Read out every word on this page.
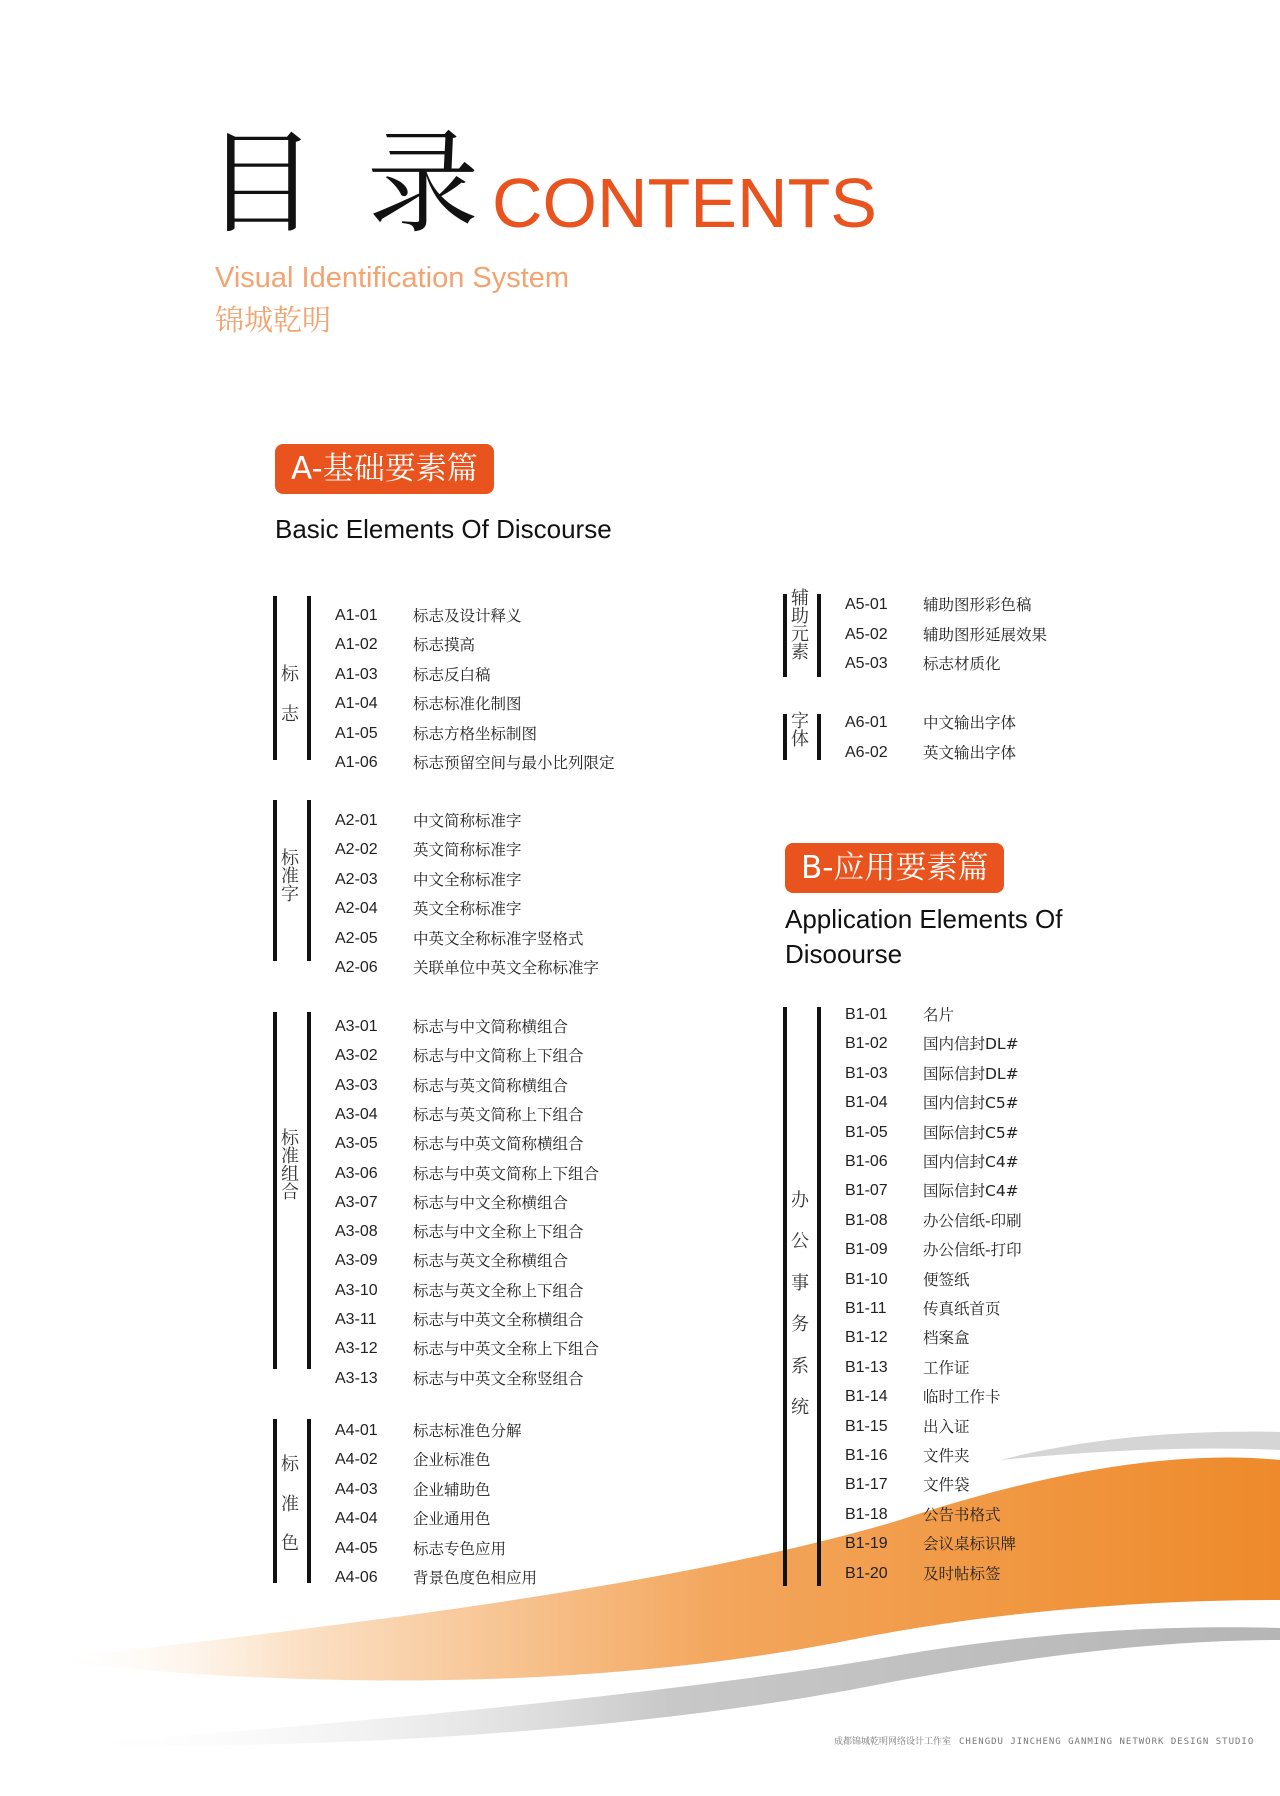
目录
CONTENTS
Visual Identification System
锦城乾明
A-基础要素篇
Basic Elements Of Discourse
B-应用要素篇
Application Elements Of
Disoourse
标志
A1-01 标志及设计释义
A1-02 标志摸高
A1-03 标志反白稿
A1-04 标志标准化制图
A1-05 标志方格坐标制图
A1-06 标志预留空间与最小比列限定
标准字
A2-01 中文简称标准字
A2-02 英文简称标准字
A2-03 中文全称标准字
A2-04 英文全称标准字
A2-05 中英文全称标准字竖格式
A2-06 关联单位中英文全称标准字
标准组合
A3-01 标志与中文简称横组合
A3-02 标志与中文简称上下组合
A3-03 标志与英文简称横组合
A3-04 标志与英文简称上下组合
A3-05 标志与中英文简称横组合
A3-06 标志与中英文简称上下组合
A3-07 标志与中文全称横组合
A3-08 标志与中文全称上下组合
A3-09 标志与英文全称横组合
A3-10 标志与英文全称上下组合
A3-11 标志与中英文全称横组合
A3-12 标志与中英文全称上下组合
A3-13 标志与中英文全称竖组合
标准色
A4-01 标志标准色分解
A4-02 企业标准色
A4-03 企业辅助色
A4-04 企业通用色
A4-05 标志专色应用
A4-06 背景色度色相应用
辅助元素
A5-01 辅助图形彩色稿
A5-02 辅助图形延展效果
A5-03 标志材质化
字体
A6-01 中文输出字体
A6-02 英文输出字体
办公事务系统
B1-01 名片
B1-02 国内信封DL#
B1-03 国际信封DL#
B1-04 国内信封C5#
B1-05 国际信封C5#
B1-06 国内信封C4#
B1-07 国际信封C4#
B1-08 办公信纸-印刷
B1-09 办公信纸-打印
B1-10 便签纸
B1-11 传真纸首页
B1-12 档案盒
B1-13 工作证
B1-14 临时工作卡
B1-15 出入证
B1-16 文件夹
B1-17 文件袋
B1-18 公告书格式
B1-19 会议桌标识牌
B1-20 及时帖标签
成都锦城乾明网络设计工作室 CHENGDU JINCHENG GANMING NETWORK DESIGN STUDIO
